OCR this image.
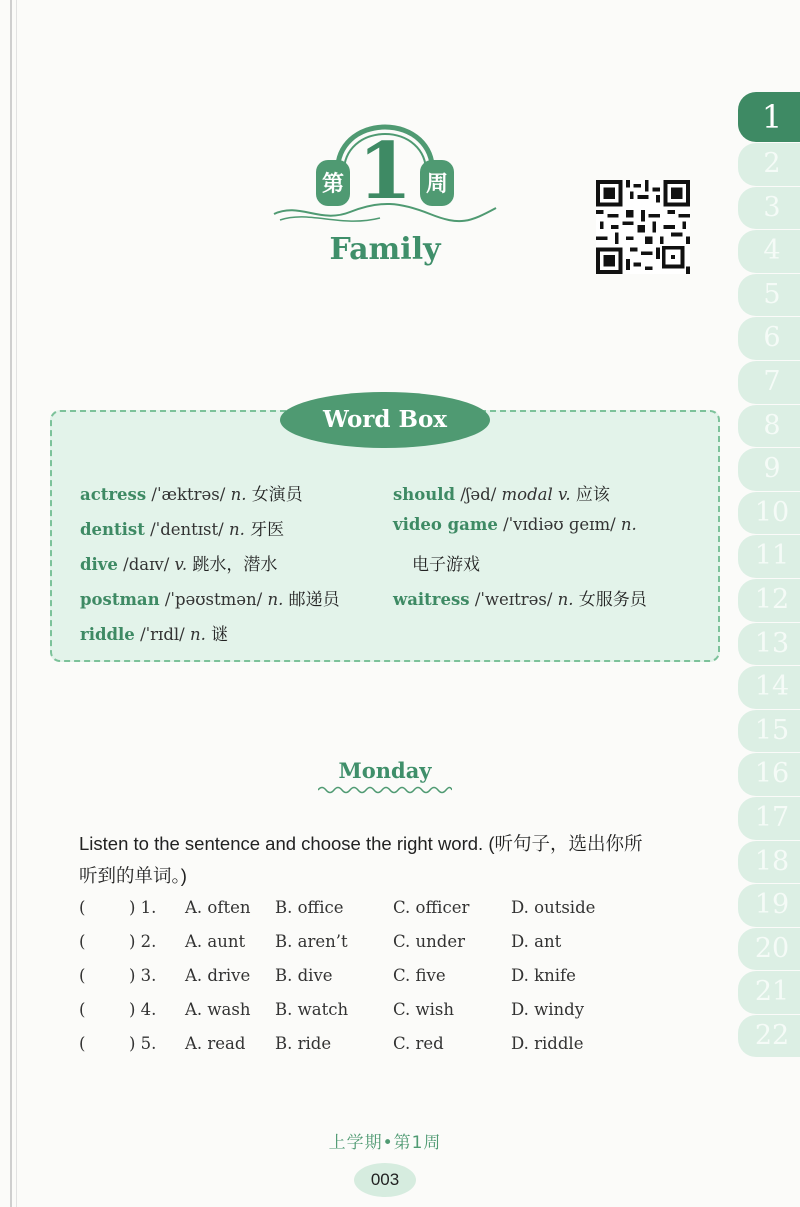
第 1 周
Family
1
2
3
4
5
6
7
8
9
10
11
12
13
14
15
16
17
18
19
20
21
22
Word Box
actress /ˈæktrəs/ n. 女演员
dentist /ˈdentɪst/ n. 牙医
dive /daɪv/ v. 跳水，潜水
postman /ˈpəʊstmən/ n. 邮递员
riddle /ˈrɪdl/ n. 谜
should /ʃəd/ modal v. 应该
video game /ˈvɪdiəʊ ɡeɪm/ n.
电子游戏
waitress /ˈweɪtrəs/ n. 女服务员
Monday
Listen to the sentence and choose the right word. (听句子，选出你所
听到的单词。)
(	) 1. A. often B. office	C. officer	D. outside
(	) 2. A. aunt B. aren’t	C. under	D. ant
(	) 3. A. drive B. dive	C. five	D. knife
(	) 4. A. wash B. watch	C. wish	D. windy
(	) 5. A. read B. ride	C. red	D. riddle
上学期•第1周
003
